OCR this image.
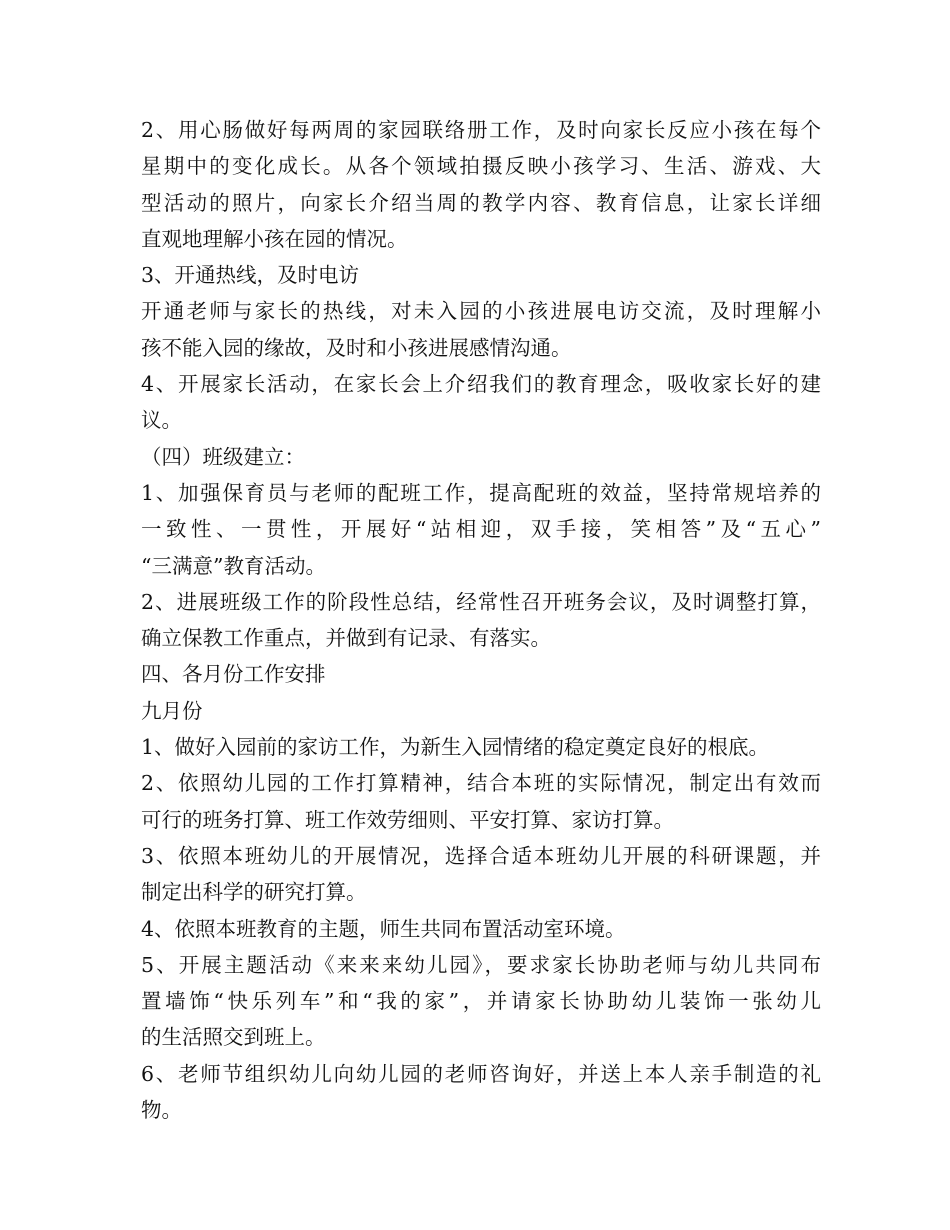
2、用心肠做好每两周的家园联络册工作，及时向家长反应小孩在每个
星期中的变化成长。从各个领域拍摄反映小孩学习、生活、游戏、大
型活动的照片，向家长介绍当周的教学内容、教育信息，让家长详细
直观地理解小孩在园的情况。
3、开通热线，及时电访
开通老师与家长的热线，对未入园的小孩进展电访交流，及时理解小
孩不能入园的缘故，及时和小孩进展感情沟通。
4、开展家长活动，在家长会上介绍我们的教育理念，吸收家长好的建
议。
（四）班级建立：
1、加强保育员与老师的配班工作，提高配班的效益，坚持常规培养的
一致性、一贯性，开展好“站相迎，双手接，笑相答”及“五心”
“三满意”教育活动。
2、进展班级工作的阶段性总结，经常性召开班务会议，及时调整打算，
确立保教工作重点，并做到有记录、有落实。
四、各月份工作安排
九月份
1、做好入园前的家访工作，为新生入园情绪的稳定奠定良好的根底。
2、依照幼儿园的工作打算精神，结合本班的实际情况，制定出有效而
可行的班务打算、班工作效劳细则、平安打算、家访打算。
3、依照本班幼儿的开展情况，选择合适本班幼儿开展的科研课题，并
制定出科学的研究打算。
4、依照本班教育的主题，师生共同布置活动室环境。
5、开展主题活动《来来来幼儿园》，要求家长协助老师与幼儿共同布
置墙饰“快乐列车”和“我的家”，并请家长协助幼儿装饰一张幼儿
的生活照交到班上。
6、老师节组织幼儿向幼儿园的老师咨询好，并送上本人亲手制造的礼
物。
